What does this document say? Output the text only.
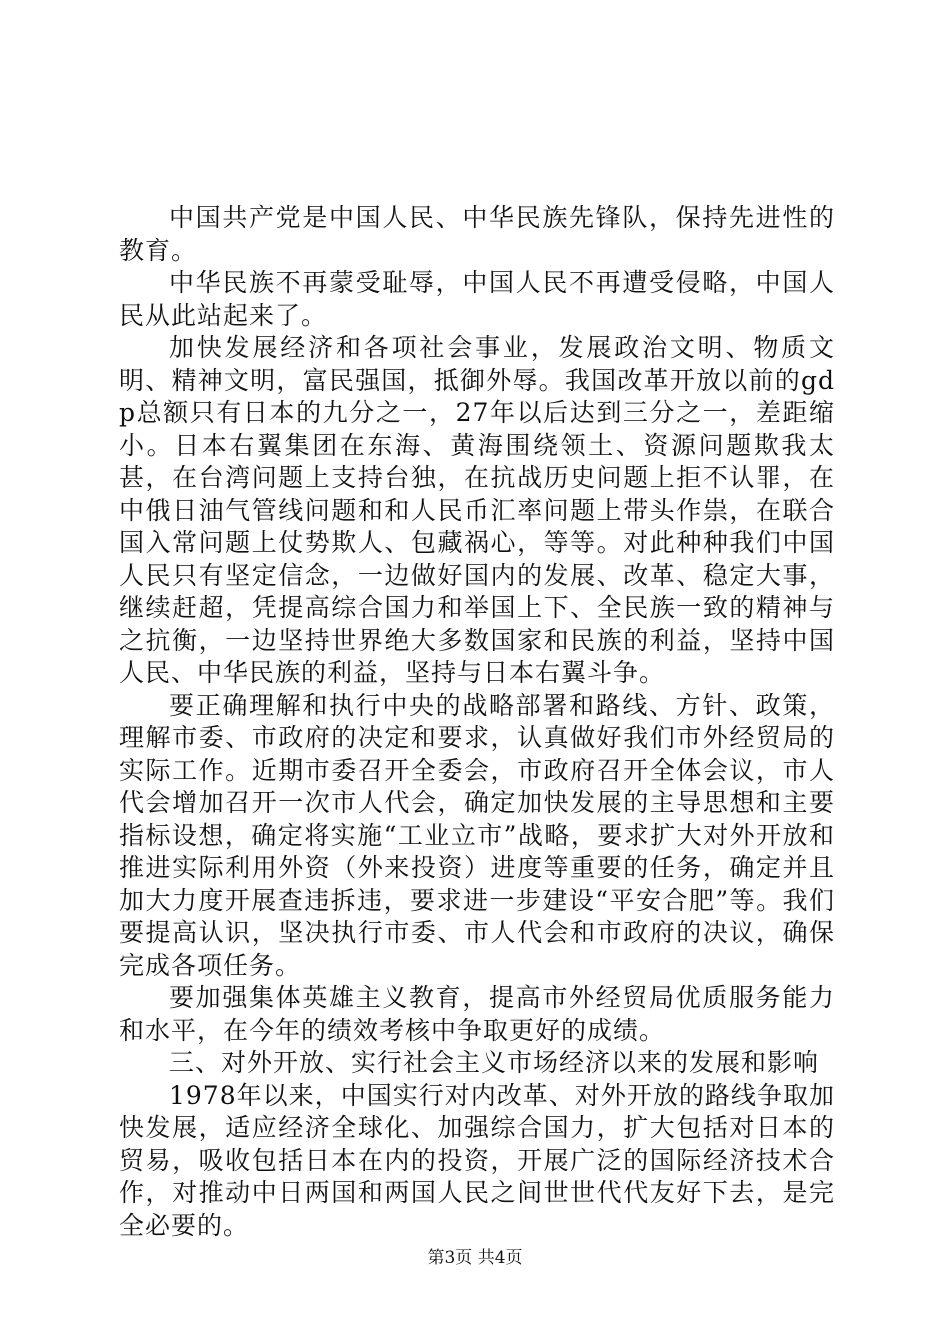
中国共产党是中国人民、中华民族先锋队，保持先进性的教育。

中华民族不再蒙受耻辱，中国人民不再遭受侵略，中国人民从此站起来了。

加快发展经济和各项社会事业，发展政治文明、物质文明、精神文明，富民强国，抵御外辱。我国改革开放以前的gdp总额只有日本的九分之一，27年以后达到三分之一，差距缩小。日本右翼集团在东海、黄海围绕领土、资源问题欺我太甚，在台湾问题上支持台独，在抗战历史问题上拒不认罪，在中俄日油气管线问题和和人民币汇率问题上带头作祟，在联合国入常问题上仗势欺人、包藏祸心，等等。对此种种我们中国人民只有坚定信念，一边做好国内的发展、改革、稳定大事，继续赶超，凭提高综合国力和举国上下、全民族一致的精神与之抗衡，一边坚持世界绝大多数国家和民族的利益，坚持中国人民、中华民族的利益，坚持与日本右翼斗争。

要正确理解和执行中央的战略部署和路线、方针、政策，理解市委、市政府的决定和要求，认真做好我们市外经贸局的实际工作。近期市委召开全委会，市政府召开全体会议，市人代会增加召开一次市人代会，确定加快发展的主导思想和主要指标设想，确定将实施“工业立市”战略，要求扩大对外开放和推进实际利用外资（外来投资）进度等重要的任务，确定并且加大力度开展查违拆违，要求进一步建设“平安合肥”等。我们要提高认识，坚决执行市委、市人代会和市政府的决议，确保完成各项任务。

要加强集体英雄主义教育，提高市外经贸局优质服务能力和水平，在今年的绩效考核中争取更好的成绩。

三、对外开放、实行社会主义市场经济以来的发展和影响

1978年以来，中国实行对内改革、对外开放的路线争取加快发展，适应经济全球化、加强综合国力，扩大包括对日本的贸易，吸收包括日本在内的投资，开展广泛的国际经济技术合作，对推动中日两国和两国人民之间世世代代友好下去，是完全必要的。

第3页 共4页
